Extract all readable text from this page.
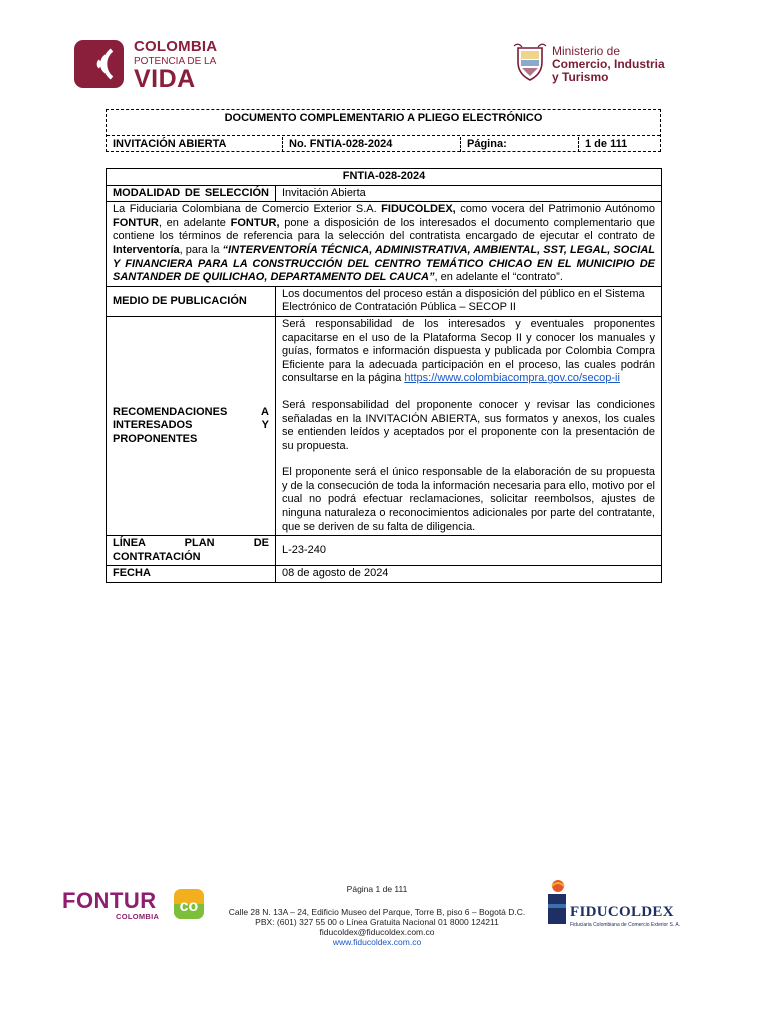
COLOMBIA
POTENCIA DE LA
VIDA
Ministerio de
Comercio, Industria
y Turismo
DOCUMENTO COMPLEMENTARIO A PLIEGO ELECTRÓNICO
INVITACIÓN ABIERTA	No. FNTIA-028-2024	Página:	1 de 111
FNTIA-028-2024	
MODALIDAD DE SELECCIÓN	Invitación Abierta
La Fiduciaria Colombiana de Comercio Exterior S.A. FIDUCOLDEX, como vocera del Patrimonio Autónomo FONTUR, en adelante FONTUR, pone a disposición de los interesados el documento complementario que contiene los términos de referencia para la selección del contratista encargado de ejecutar el contrato de Interventoría, para la “INTERVENTORÍA TÉCNICA, ADMINISTRATIVA, AMBIENTAL, SST, LEGAL, SOCIAL Y FINANCIERA PARA LA CONSTRUCCIÓN DEL CENTRO TEMÁTICO CHICAO EN EL MUNICIPIO DE SANTANDER DE QUILICHAO, DEPARTAMENTO DEL CAUCA”, en adelante el “contrato”.	
MEDIO DE PUBLICACIÓN	Los documentos del proceso están a disposición del público en el Sistema Electrónico de Contratación Pública – SECOP II
RECOMENDACIONES A INTERESADOS Y PROPONENTES	Será responsabilidad de los interesados y eventuales proponentes capacitarse en el uso de la Plataforma Secop II y conocer los manuales y guías, formatos e información dispuesta y publicada por Colombia Compra Eficiente para la adecuada participación en el proceso, las cuales podrán consultarse en la página https://www.colombiacompra.gov.co/secop-ii
Será responsabilidad del proponente conocer y revisar las condiciones señaladas en la INVITACIÓN ABIERTA, sus formatos y anexos, los cuales se entienden leídos y aceptados por el proponente con la presentación de su propuesta.
El proponente será el único responsable de la elaboración de su propuesta y de la consecución de toda la información necesaria para ello, motivo por el cual no podrá efectuar reclamaciones, solicitar reembolsos, ajustes de ninguna naturaleza o reconocimientos adicionales por parte del contratante, que se deriven de su falta de diligencia.

LÍNEA PLAN DE CONTRATACIÓN	L-23-240
FECHA	08 de agosto de 2024
FONTUR
COLOMBIA
co
Página 1 de 111
Calle 28 N. 13A – 24, Edificio Museo del Parque, Torre B, piso 6 – Bogotá D.C.
PBX: (601) 327 55 00 o Línea Gratuita Nacional 01 8000 124211
fiducoldex@fiducoldex.com.co
www.fiducoldex.com.co
FIDUCOLDEX
Fiduciaria Colombiana de Comercio Exterior S. A.
